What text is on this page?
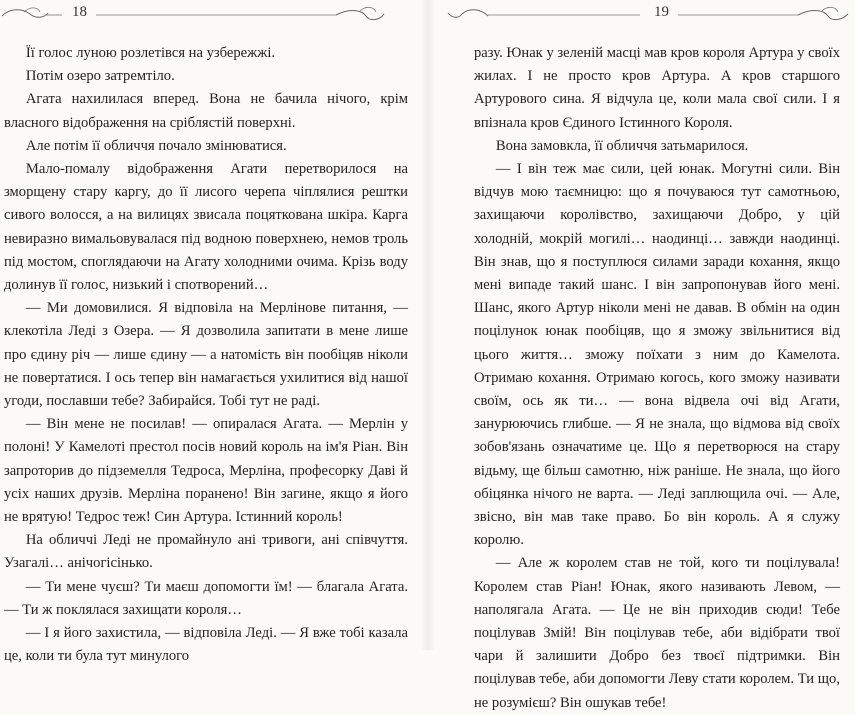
18

Її голос луною розлетівся на узбережжі.

Потім озеро затремтіло.

Агата нахилилася вперед. Вона не бачила нічого, крім власного відображення на сріблястій поверхні.

Але потім її обличчя почало змінюватися.

Мало-помалу відображення Агати перетворилося на зморщену стару каргу, до її лисого черепа чіплялися рештки сивого волосся, а на вилицях звисала поцяткована шкіра. Карга невиразно вимальовувалася під водною поверхнею, немов троль під мостом, споглядаючи на Агату холодними очима. Крізь воду долинув її голос, низький і спотворений…

— Ми домовилися. Я відповіла на Мерлінове питання, — клекотіла Леді з Озера. — Я дозволила запитати в мене лише про єдину річ — лише єдину — а натомість він пообіцяв ніколи не повертатися. І ось тепер він намагається ухилитися від нашої угоди, пославши тебе? Забирайся. Тобі тут не раді.

— Він мене не посилав! — опиралася Агата. — Мерлін у полоні! У Камелоті престол посів новий король на ім'я Ріан. Він запроторив до підземелля Тедроса, Мерліна, професорку Даві й усіх наших друзів. Мерліна поранено! Він загине, якщо я його не врятую! Тедрос теж! Син Артура. Істинний король!

На обличчі Леді не промайнуло ані тривоги, ані співчуття. Узагалі… анічогісінько.

— Ти мене чуєш? Ти маєш допомогти їм! — благала Агата. — Ти ж поклялася захищати короля…

— І я його захистила, — відповіла Леді. — Я вже тобі казала це, коли ти була тут минулого

19

разу. Юнак у зеленій масці мав кров короля Артура у своїх жилах. І не просто кров Артура. А кров старшого Артурового сина. Я відчула це, коли мала свої сили. І я впізнала кров Єдиного Істинного Короля.

Вона замовкла, її обличчя затьмарилося.

— І він теж має сили, цей юнак. Могутні сили. Він відчув мою таємницю: що я почуваюся тут самотньою, захищаючи королівство, захищаючи Добро, у цій холодній, мокрій могилі… наодинці… завжди наодинці. Він знав, що я поступлюся силами заради кохання, якщо мені випаде такий шанс. І він запропонував його мені. Шанс, якого Артур ніколи мені не давав. В обмін на один поцілунок юнак пообіцяв, що я зможу звільнитися від цього життя… зможу поїхати з ним до Камелота. Отримаю кохання. Отримаю когось, кого зможу називати своїм, ось як ти… — вона відвела очі від Агати, занурюючись глибше. — Я не знала, що відмова від своїх зобов'язань означатиме це. Що я перетворюся на стару відьму, ще більш самотню, ніж раніше. Не знала, що його обіцянка нічого не варта. — Леді заплющила очі. — Але, звісно, він мав таке право. Бо він король. А я служу королю.

— Але ж королем став не той, кого ти поцілувала! Королем став Ріан! Юнак, якого називають Левом, — наполягала Агата. — Це не він приходив сюди! Тебе поцілував Змій! Він поцілував тебе, аби відібрати твої чари й залишити Добро без твоєї підтримки. Він поцілував тебе, аби допомогти Леву стати королем. Ти що, не розумієш? Він ошукав тебе!
